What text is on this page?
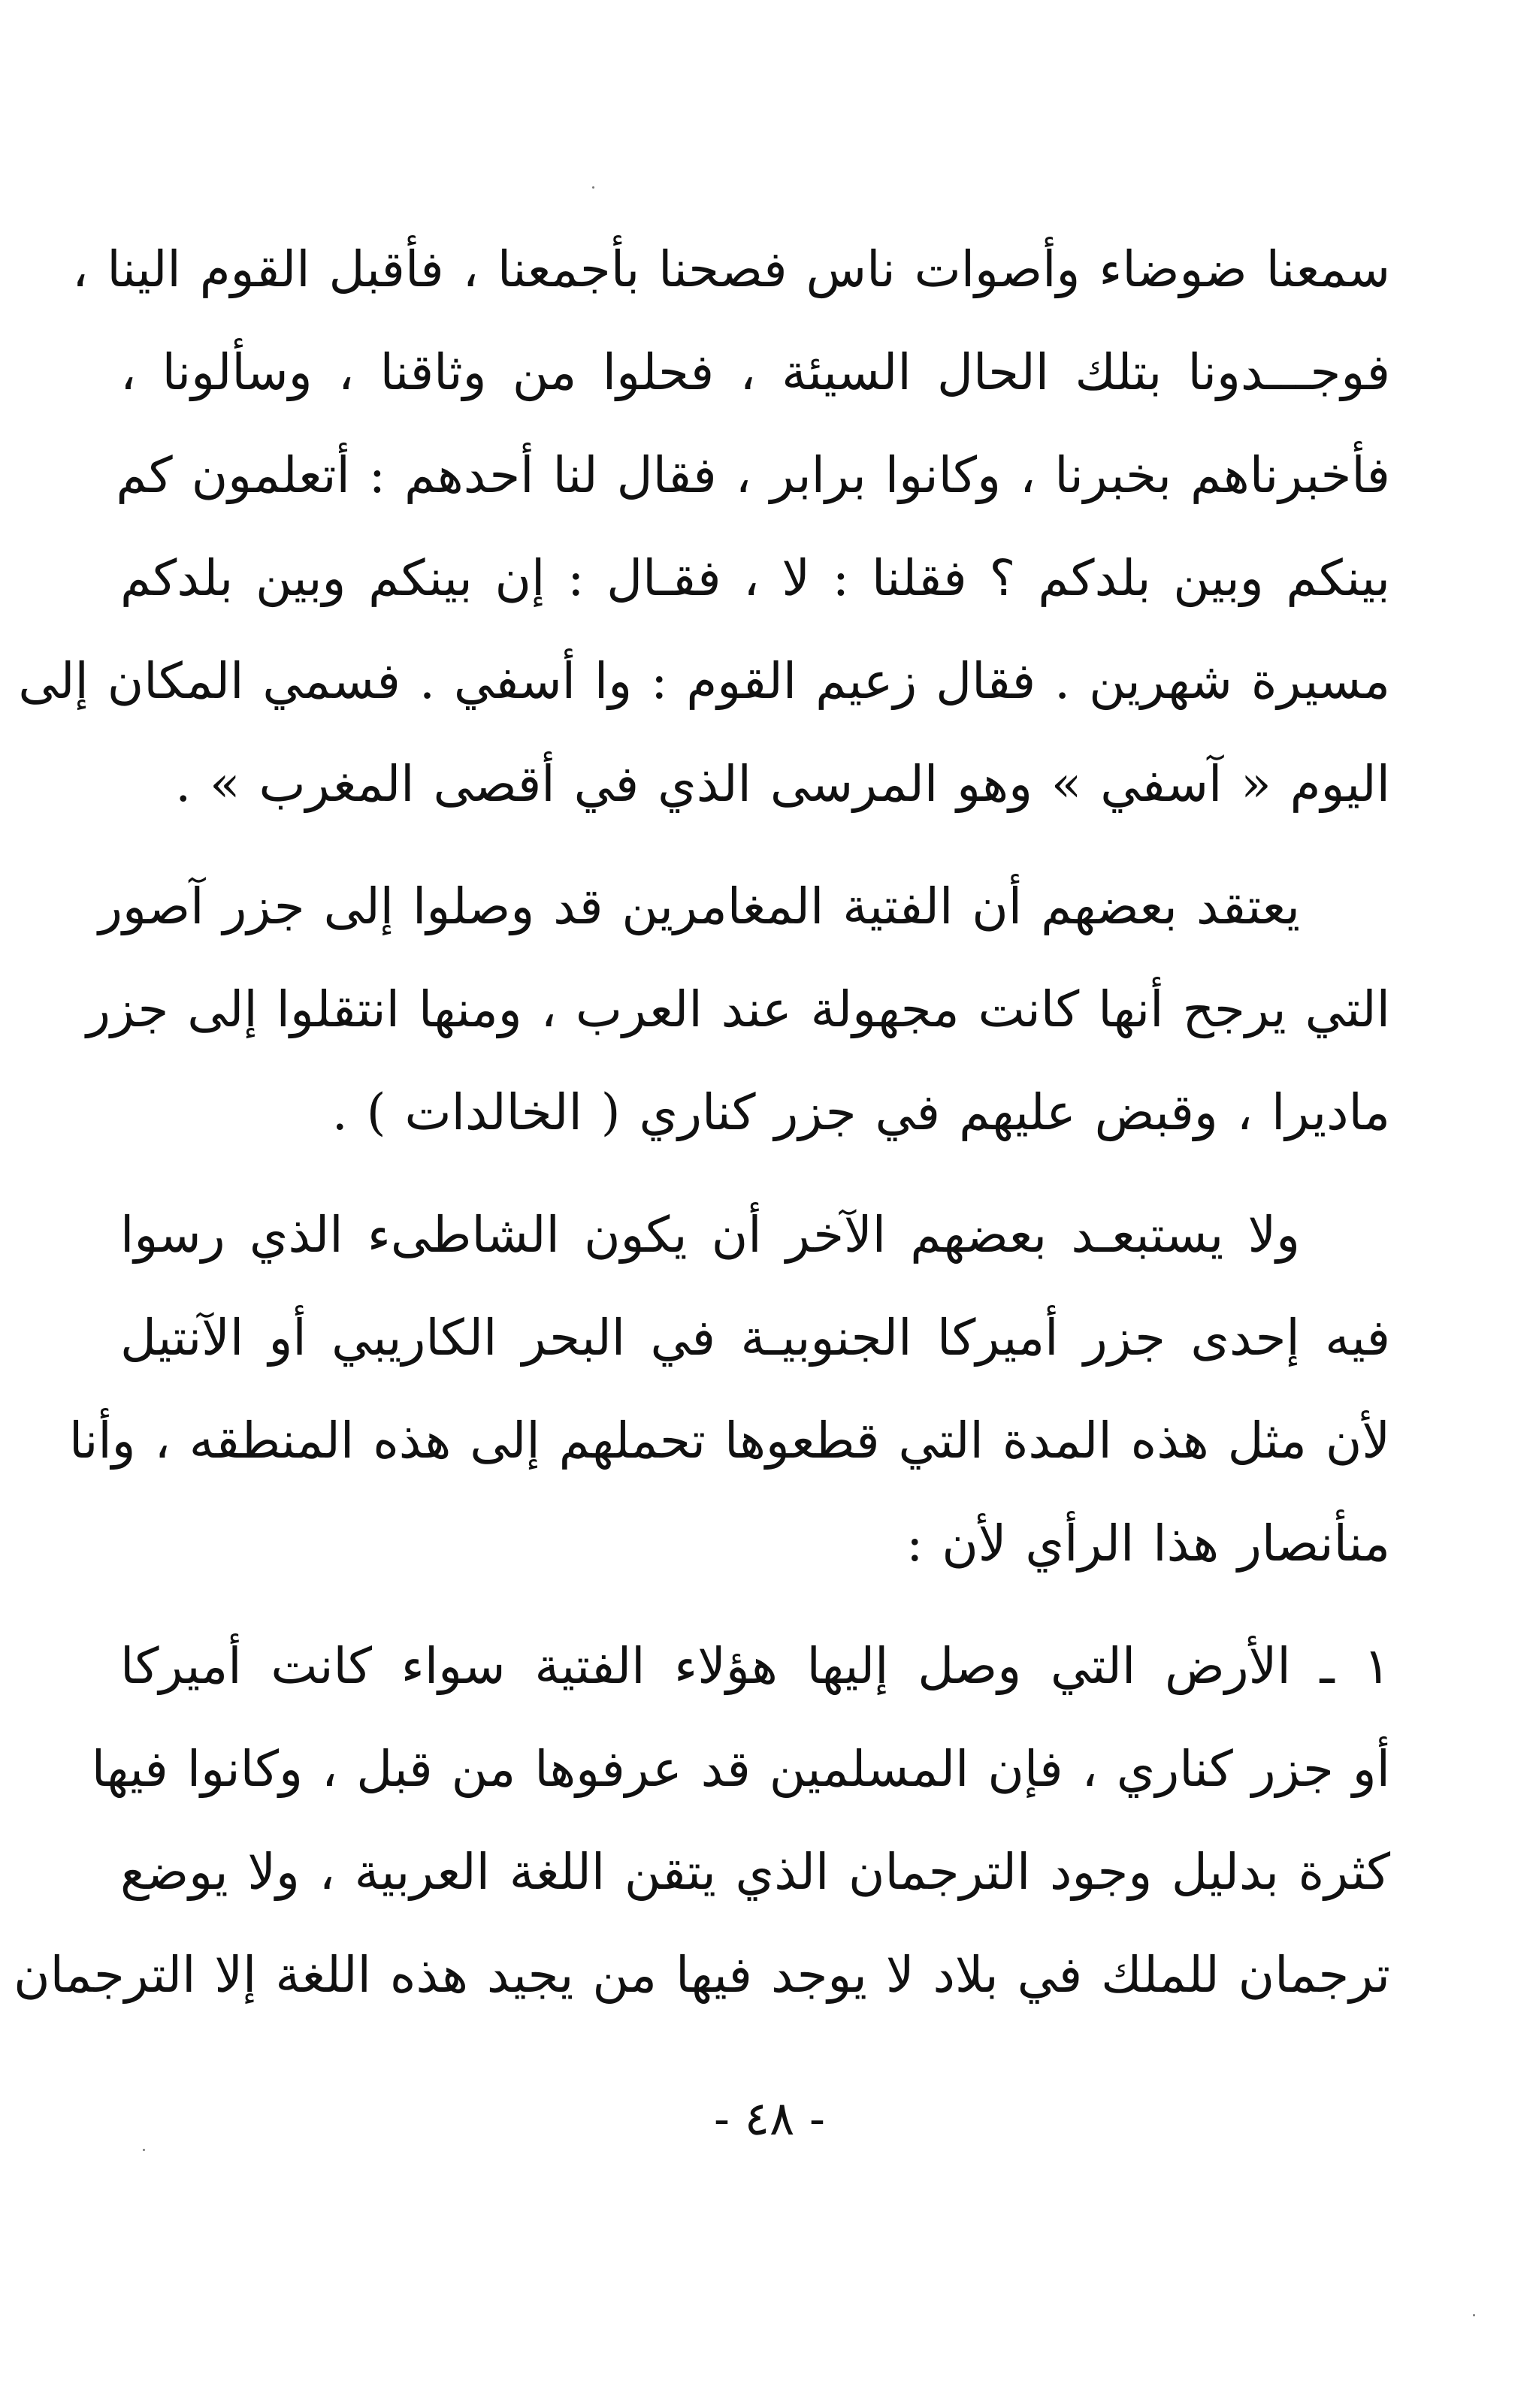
سمعنا ضوضاء وأصوات ناس فصحنا بأجمعنا ، فأقبل القوم الينا ،
فوجـــدونا بتلك الحال السيئة ، فحلوا من وثاقنا ، وسألونا ،
فأخبرناهم بخبرنا ، وكانوا برابر ، فقال لنا أحدهم : أتعلمون كم
بينكم وبين بلدكم ؟ فقلنا : لا ، فقـال : إن بينكم وبين بلدكم
مسيرة شهرين . فقال زعيم القوم : وا أسفي . فسمي المكان إلى
اليوم « آسفي » وهو المرسى الذي في أقصى المغرب » .

يعتقد بعضهم أن الفتية المغامرين قد وصلوا إلى جزر آصور
التي يرجح أنها كانت مجهولة عند العرب ، ومنها انتقلوا إلى جزر
ماديرا ، وقبض عليهم في جزر كناري ( الخالدات ) .

ولا يستبعـد بعضهم الآخر أن يكون الشاطىء الذي رسوا
فيه إحدى جزر أميركا الجنوبيـة في البحر الكاريبي أو الآنتيل
لأن مثل هذه المدة التي قطعوها تحملهم إلى هذه المنطقه ، وأنا
منأنصار هذا الرأي لأن :

١ ـ الأرض التي وصل إليها هؤلاء الفتية سواء كانت أميركا
أو جزر كناري ، فإن المسلمين قد عرفوها من قبل ، وكانوا فيها
كثرة بدليل وجود الترجمان الذي يتقن اللغة العربية ، ولا يوضع
ترجمان للملك في بلاد لا يوجد فيها من يجيد هذه اللغة إلا الترجمان

- ٤٨ -
